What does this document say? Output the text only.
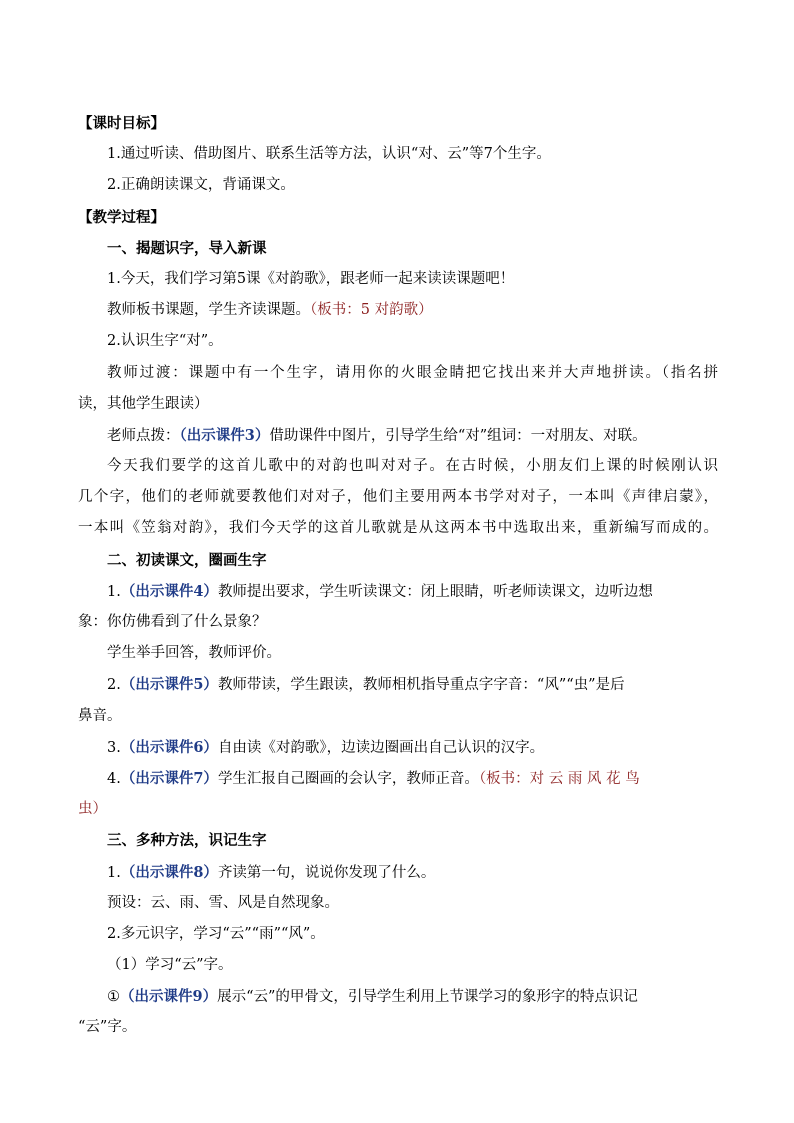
【课时目标】
1.通过听读、借助图片、联系生活等方法，认识“对、云”等7个生字。
2.正确朗读课文，背诵课文。
【教学过程】
一、揭题识字，导入新课
1.今天，我们学习第5课《对韵歌》，跟老师一起来读读课题吧！
教师板书课题，学生齐读课题。（板书：5 对韵歌）
2.认识生字“对”。
教师过渡：课题中有一个生字，请用你的火眼金睛把它找出来并大声地拼读。（指名拼
读，其他学生跟读）
老师点拨：（出示课件3）借助课件中图片，引导学生给“对”组词：一对朋友、对联。
今天我们要学的这首儿歌中的对韵也叫对对子。在古时候，小朋友们上课的时候刚认识
几个字，他们的老师就要教他们对对子，他们主要用两本书学对对子，一本叫《声律启蒙》，
一本叫《笠翁对韵》，我们今天学的这首儿歌就是从这两本书中选取出来，重新编写而成的。
二、初读课文，圈画生字
1.（出示课件4）教师提出要求，学生听读课文：闭上眼睛，听老师读课文，边听边想
象：你仿佛看到了什么景象？
学生举手回答，教师评价。
2.（出示课件5）教师带读，学生跟读，教师相机指导重点字字音：“风”“虫”是后
鼻音。
3.（出示课件6）自由读《对韵歌》，边读边圈画出自己认识的汉字。
4.（出示课件7）学生汇报自己圈画的会认字，教师正音。（板书：对 云 雨 风 花 鸟
虫）
三、多种方法，识记生字
1.（出示课件8）齐读第一句，说说你发现了什么。
预设：云、雨、雪、风是自然现象。
2.多元识字，学习“云”“雨”“风”。
（1）学习“云”字。
①（出示课件9）展示“云”的甲骨文，引导学生利用上节课学习的象形字的特点识记
“云”字。
